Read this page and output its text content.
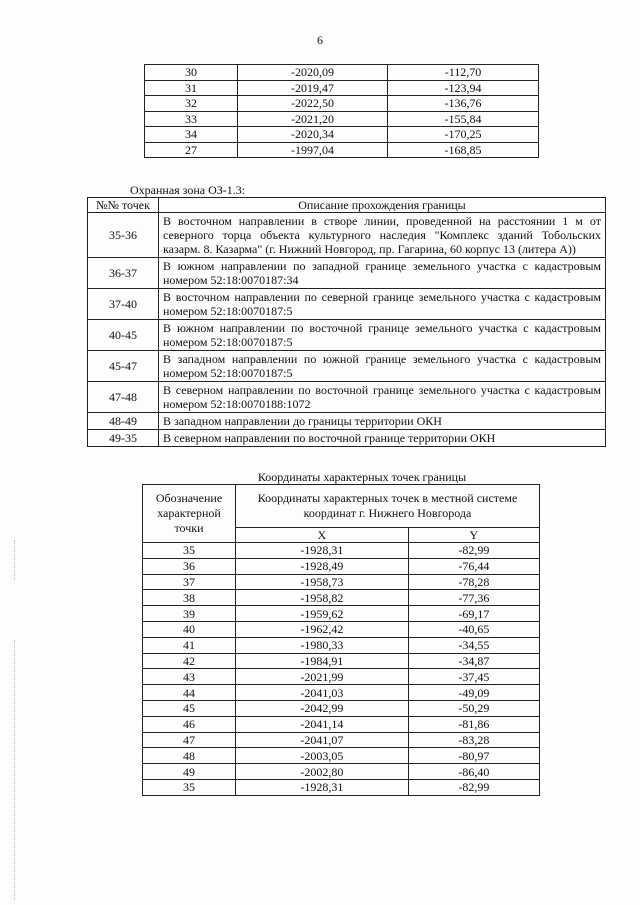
6
30	-2020,09	-112,70
31	-2019,47	-123,94
32	-2022,50	-136,76
33	-2021,20	-155,84
34	-2020,34	-170,25
27	-1997,04	-168,85
Охранная зона ОЗ-1.3:
№№ точек	Описание прохождения границы
35-36	В восточном направлении в створе линии, проведенной на расстоянии 1 м от северного торца объекта культурного наследия "Комплекс зданий Тобольских казарм. 8. Казарма" (г. Нижний Новгород, пр. Гагарина, 60 корпус 13 (литера А))
36-37	В южном направлении по западной границе земельного участка с кадастровым номером 52:18:0070187:34
37-40	В восточном направлении по северной границе земельного участка с кадастровым номером 52:18:0070187:5
40-45	В южном направлении по восточной границе земельного участка с кадастровым номером 52:18:0070187:5
45-47	В западном направлении по южной границе земельного участка с кадастровым номером 52:18:0070187:5
47-48	В северном направлении по восточной границе земельного участка с кадастровым номером 52:18:0070188:1072
48-49	В западном направлении до границы территории ОКН
49-35	В северном направлении по восточной границе территории ОКН
Координаты характерных точек границы
Обозначение характерной точки	Координаты характерных точек в местной системе координат г. Нижнего Новгорода	
	X	Y
35	-1928,31	-82,99
36	-1928,49	-76,44
37	-1958,73	-78,28
38	-1958,82	-77,36
39	-1959,62	-69,17
40	-1962,42	-40,65
41	-1980,33	-34,55
42	-1984,91	-34,87
43	-2021,99	-37,45
44	-2041,03	-49,09
45	-2042,99	-50,29
46	-2041,14	-81,86
47	-2041,07	-83,28
48	-2003,05	-80,97
49	-2002,80	-86,40
35	-1928,31	-82,99
